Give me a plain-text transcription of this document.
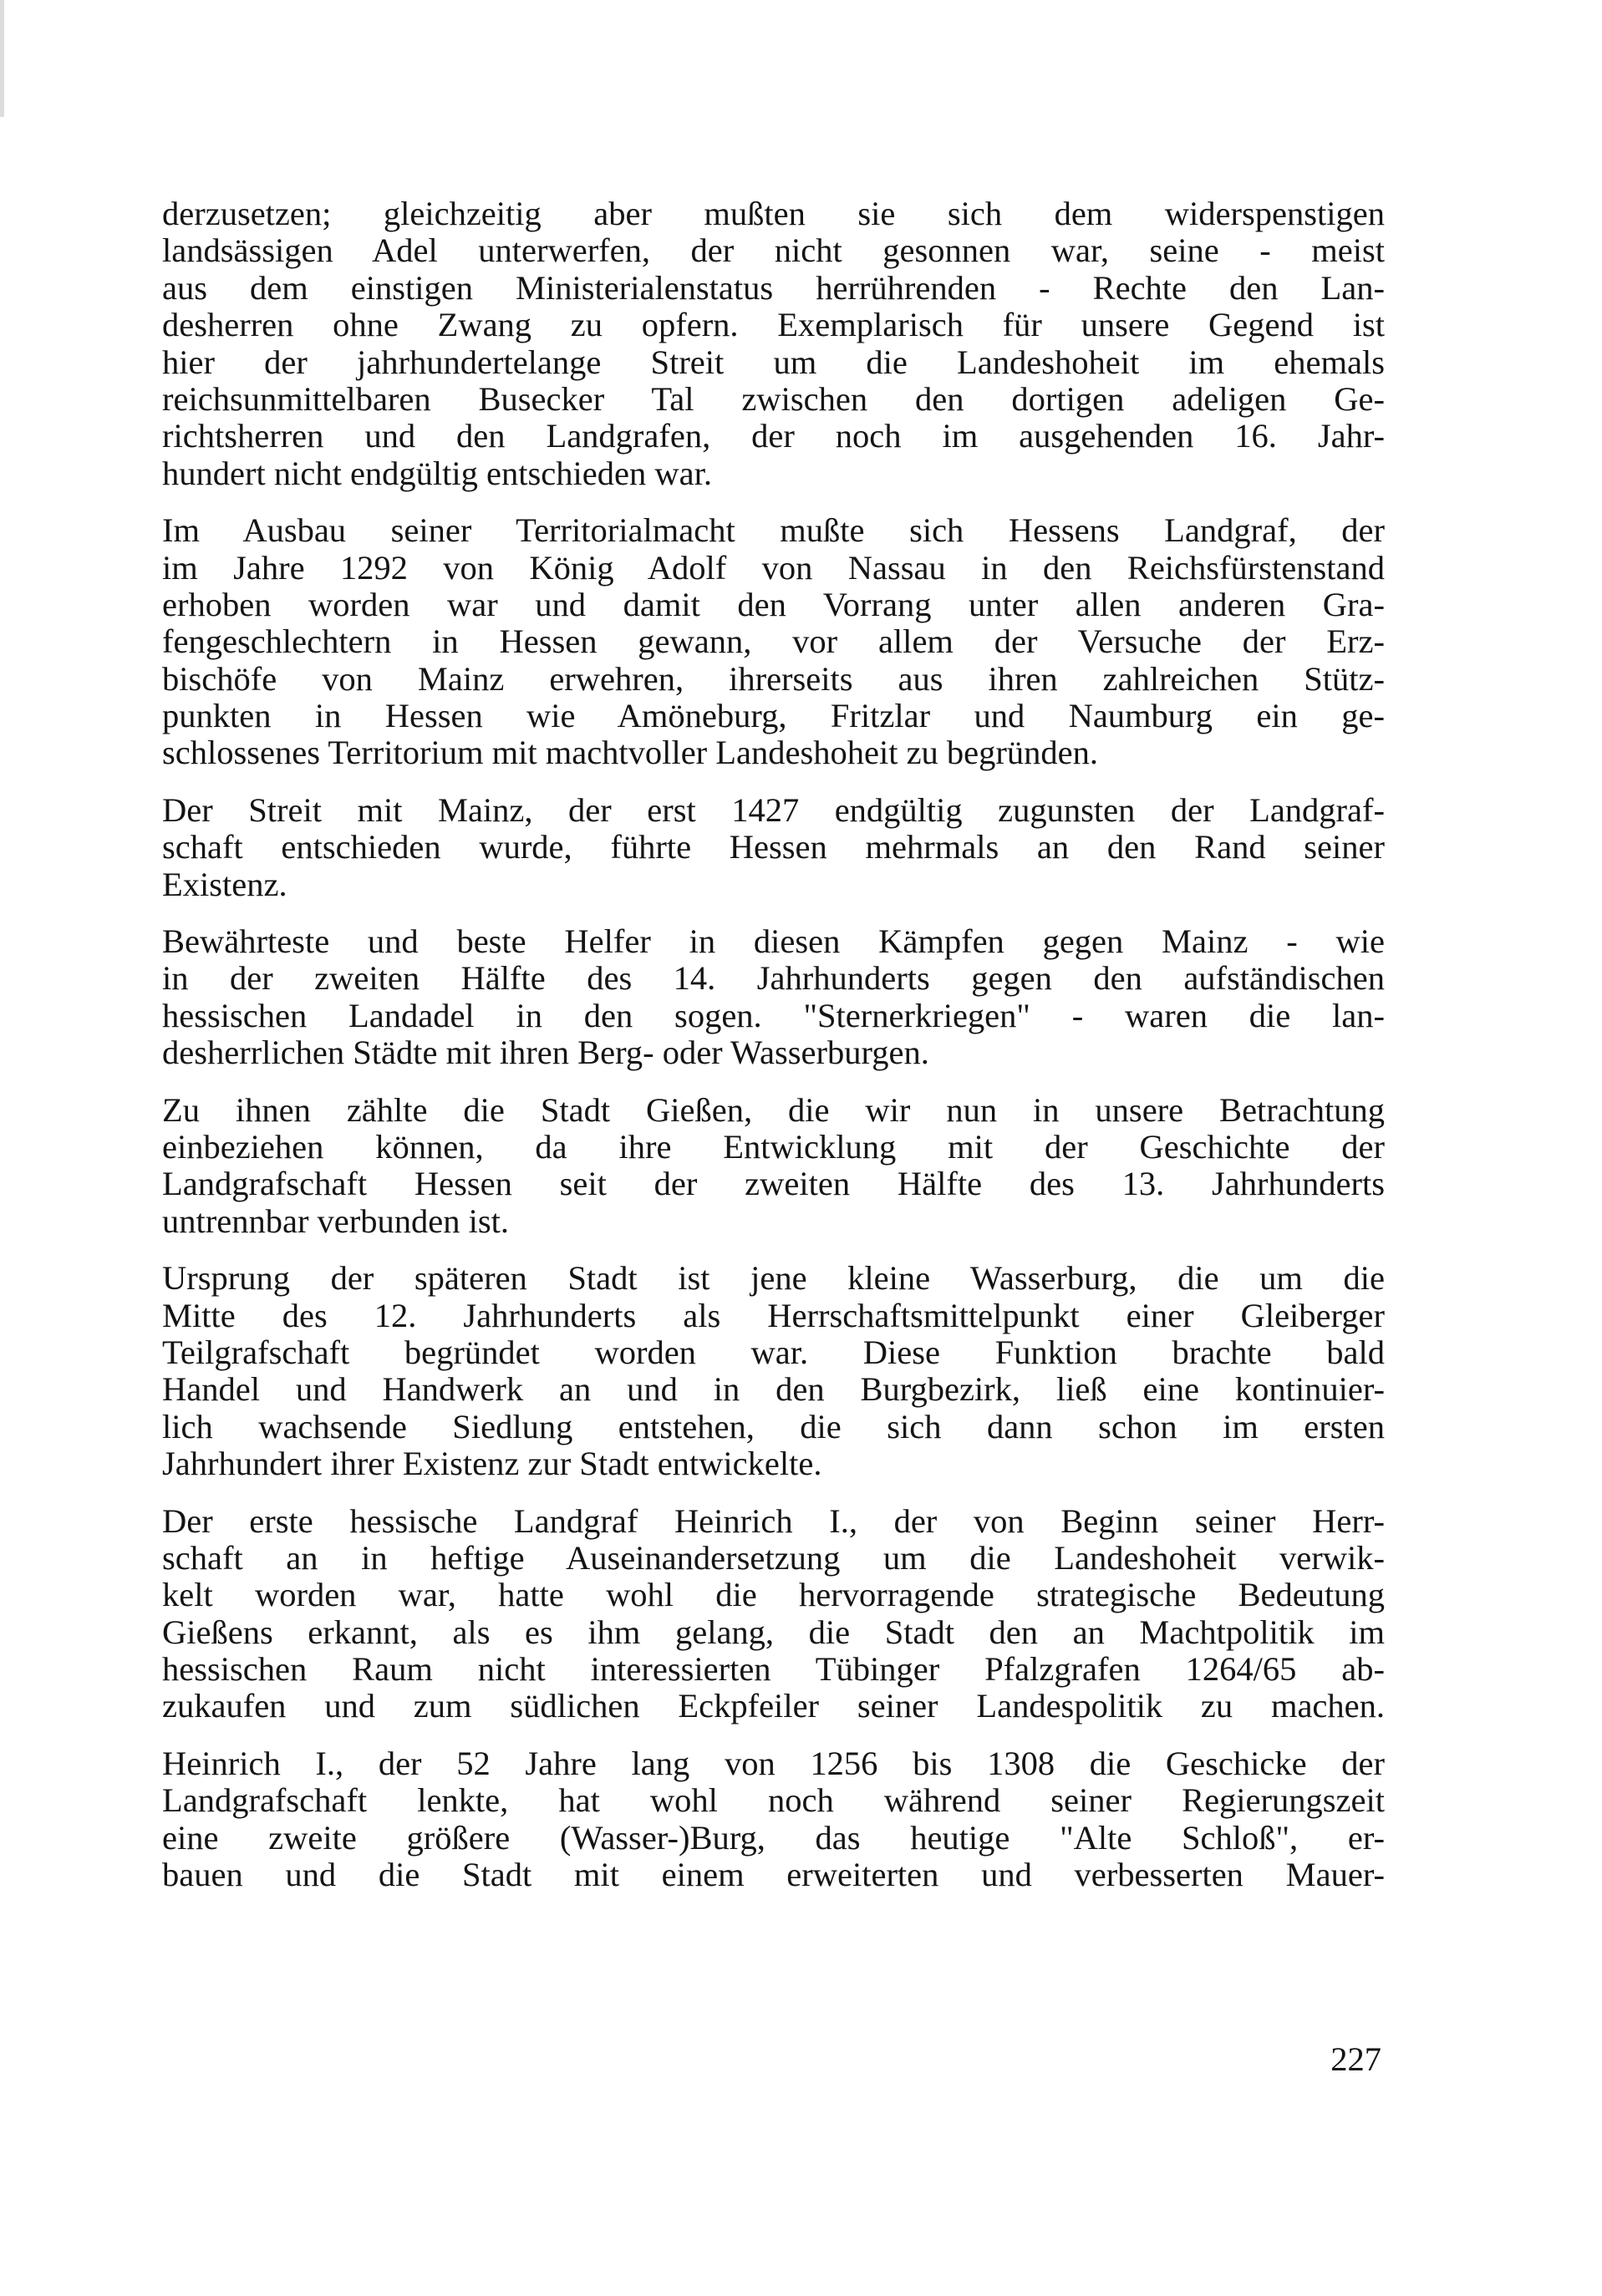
derzusetzen; gleichzeitig aber mußten sie sich dem widerspenstigen
landsässigen Adel unterwerfen, der nicht gesonnen war, seine - meist
aus dem einstigen Ministerialenstatus herrührenden - Rechte den Lan-
desherren ohne Zwang zu opfern. Exemplarisch für unsere Gegend ist
hier der jahrhundertelange Streit um die Landeshoheit im ehemals
reichsunmittelbaren Busecker Tal zwischen den dortigen adeligen Ge-
richtsherren und den Landgrafen, der noch im ausgehenden 16. Jahr-
hundert nicht endgültig entschieden war.
Im Ausbau seiner Territorialmacht mußte sich Hessens Landgraf, der
im Jahre 1292 von König Adolf von Nassau in den Reichsfürstenstand
erhoben worden war und damit den Vorrang unter allen anderen Gra-
fengeschlechtern in Hessen gewann, vor allem der Versuche der Erz-
bischöfe von Mainz erwehren, ihrerseits aus ihren zahlreichen Stütz-
punkten in Hessen wie Amöneburg, Fritzlar und Naumburg ein ge-
schlossenes Territorium mit machtvoller Landeshoheit zu begründen.
Der Streit mit Mainz, der erst 1427 endgültig zugunsten der Landgraf-
schaft entschieden wurde, führte Hessen mehrmals an den Rand seiner
Existenz.
Bewährteste und beste Helfer in diesen Kämpfen gegen Mainz - wie
in der zweiten Hälfte des 14. Jahrhunderts gegen den aufständischen
hessischen Landadel in den sogen. "Sternerkriegen" - waren die lan-
desherrlichen Städte mit ihren Berg- oder Wasserburgen.
Zu ihnen zählte die Stadt Gießen, die wir nun in unsere Betrachtung
einbeziehen können, da ihre Entwicklung mit der Geschichte der
Landgrafschaft Hessen seit der zweiten Hälfte des 13. Jahrhunderts
untrennbar verbunden ist.
Ursprung der späteren Stadt ist jene kleine Wasserburg, die um die
Mitte des 12. Jahrhunderts als Herrschaftsmittelpunkt einer Gleiberger
Teilgrafschaft begründet worden war. Diese Funktion brachte bald
Handel und Handwerk an und in den Burgbezirk, ließ eine kontinuier-
lich wachsende Siedlung entstehen, die sich dann schon im ersten
Jahrhundert ihrer Existenz zur Stadt entwickelte.
Der erste hessische Landgraf Heinrich I., der von Beginn seiner Herr-
schaft an in heftige Auseinandersetzung um die Landeshoheit verwik-
kelt worden war, hatte wohl die hervorragende strategische Bedeutung
Gießens erkannt, als es ihm gelang, die Stadt den an Machtpolitik im
hessischen Raum nicht interessierten Tübinger Pfalzgrafen 1264/65 ab-
zukaufen und zum südlichen Eckpfeiler seiner Landespolitik zu machen.
Heinrich I., der 52 Jahre lang von 1256 bis 1308 die Geschicke der
Landgrafschaft lenkte, hat wohl noch während seiner Regierungszeit
eine zweite größere (Wasser-)Burg, das heutige "Alte Schloß", er-
bauen und die Stadt mit einem erweiterten und verbesserten Mauer-
227
